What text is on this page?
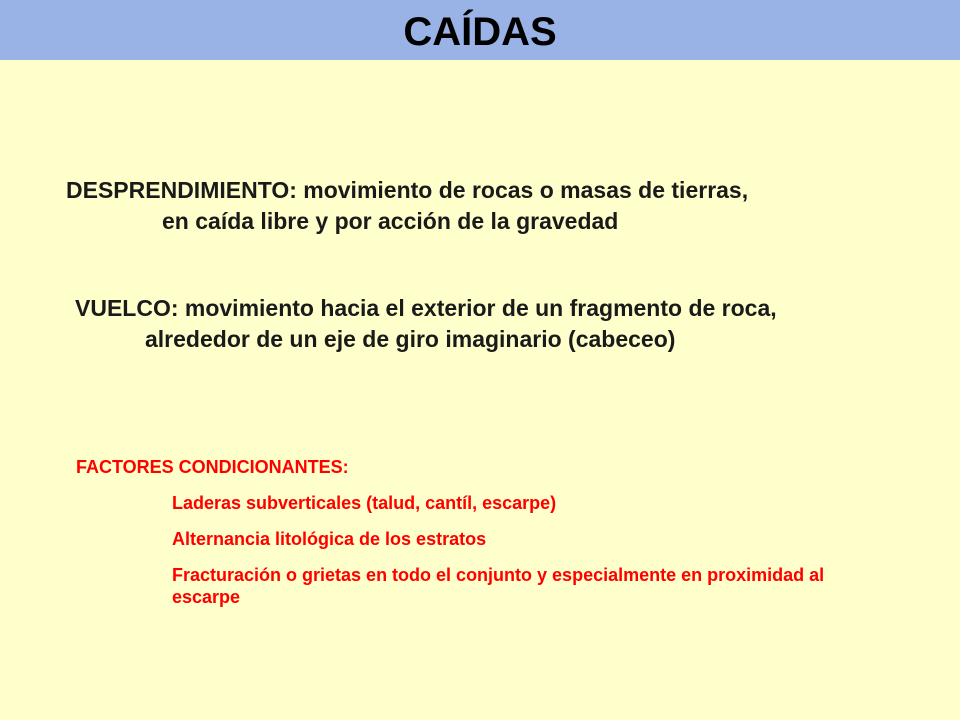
CAÍDAS
DESPRENDIMIENTO: movimiento de rocas o masas de tierras,
en caída libre y por acción de la gravedad
VUELCO: movimiento hacia el exterior de un fragmento de roca,
alrededor de un eje de giro imaginario (cabeceo)
FACTORES CONDICIONANTES:
Laderas subverticales (talud, cantíl, escarpe)
Alternancia litológica de los estratos
Fracturación o grietas en todo el conjunto y especialmente en proximidad al escarpe
